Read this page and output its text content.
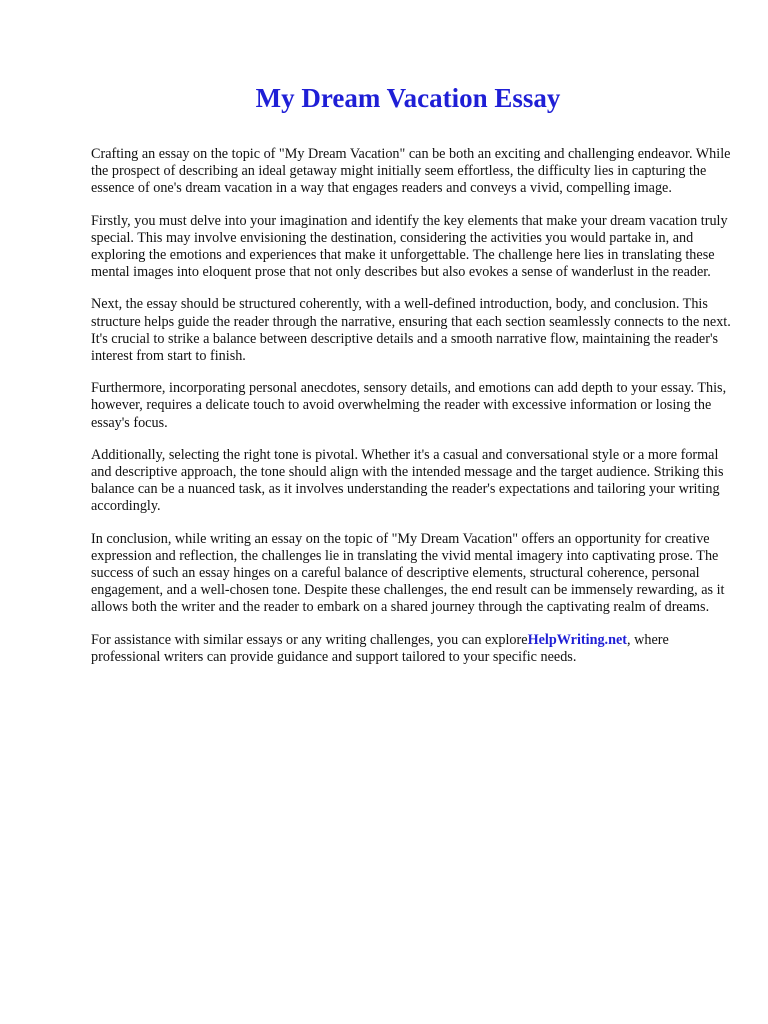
My Dream Vacation Essay

Crafting an essay on the topic of "My Dream Vacation" can be both an exciting and challenging endeavor. While the prospect of describing an ideal getaway might initially seem effortless, the difficulty lies in capturing the essence of one's dream vacation in a way that engages readers and conveys a vivid, compelling image.

Firstly, you must delve into your imagination and identify the key elements that make your dream vacation truly special. This may involve envisioning the destination, considering the activities you would partake in, and exploring the emotions and experiences that make it unforgettable. The challenge here lies in translating these mental images into eloquent prose that not only describes but also evokes a sense of wanderlust in the reader.

Next, the essay should be structured coherently, with a well-defined introduction, body, and conclusion. This structure helps guide the reader through the narrative, ensuring that each section seamlessly connects to the next. It's crucial to strike a balance between descriptive details and a smooth narrative flow, maintaining the reader's interest from start to finish.

Furthermore, incorporating personal anecdotes, sensory details, and emotions can add depth to your essay. This, however, requires a delicate touch to avoid overwhelming the reader with excessive information or losing the essay's focus.

Additionally, selecting the right tone is pivotal. Whether it's a casual and conversational style or a more formal and descriptive approach, the tone should align with the intended message and the target audience. Striking this balance can be a nuanced task, as it involves understanding the reader's expectations and tailoring your writing accordingly.

In conclusion, while writing an essay on the topic of "My Dream Vacation" offers an opportunity for creative expression and reflection, the challenges lie in translating the vivid mental imagery into captivating prose. The success of such an essay hinges on a careful balance of descriptive elements, structural coherence, personal engagement, and a well-chosen tone. Despite these challenges, the end result can be immensely rewarding, as it allows both the writer and the reader to embark on a shared journey through the captivating realm of dreams.

For assistance with similar essays or any writing challenges, you can exploreHelpWriting.net, where professional writers can provide guidance and support tailored to your specific needs.
